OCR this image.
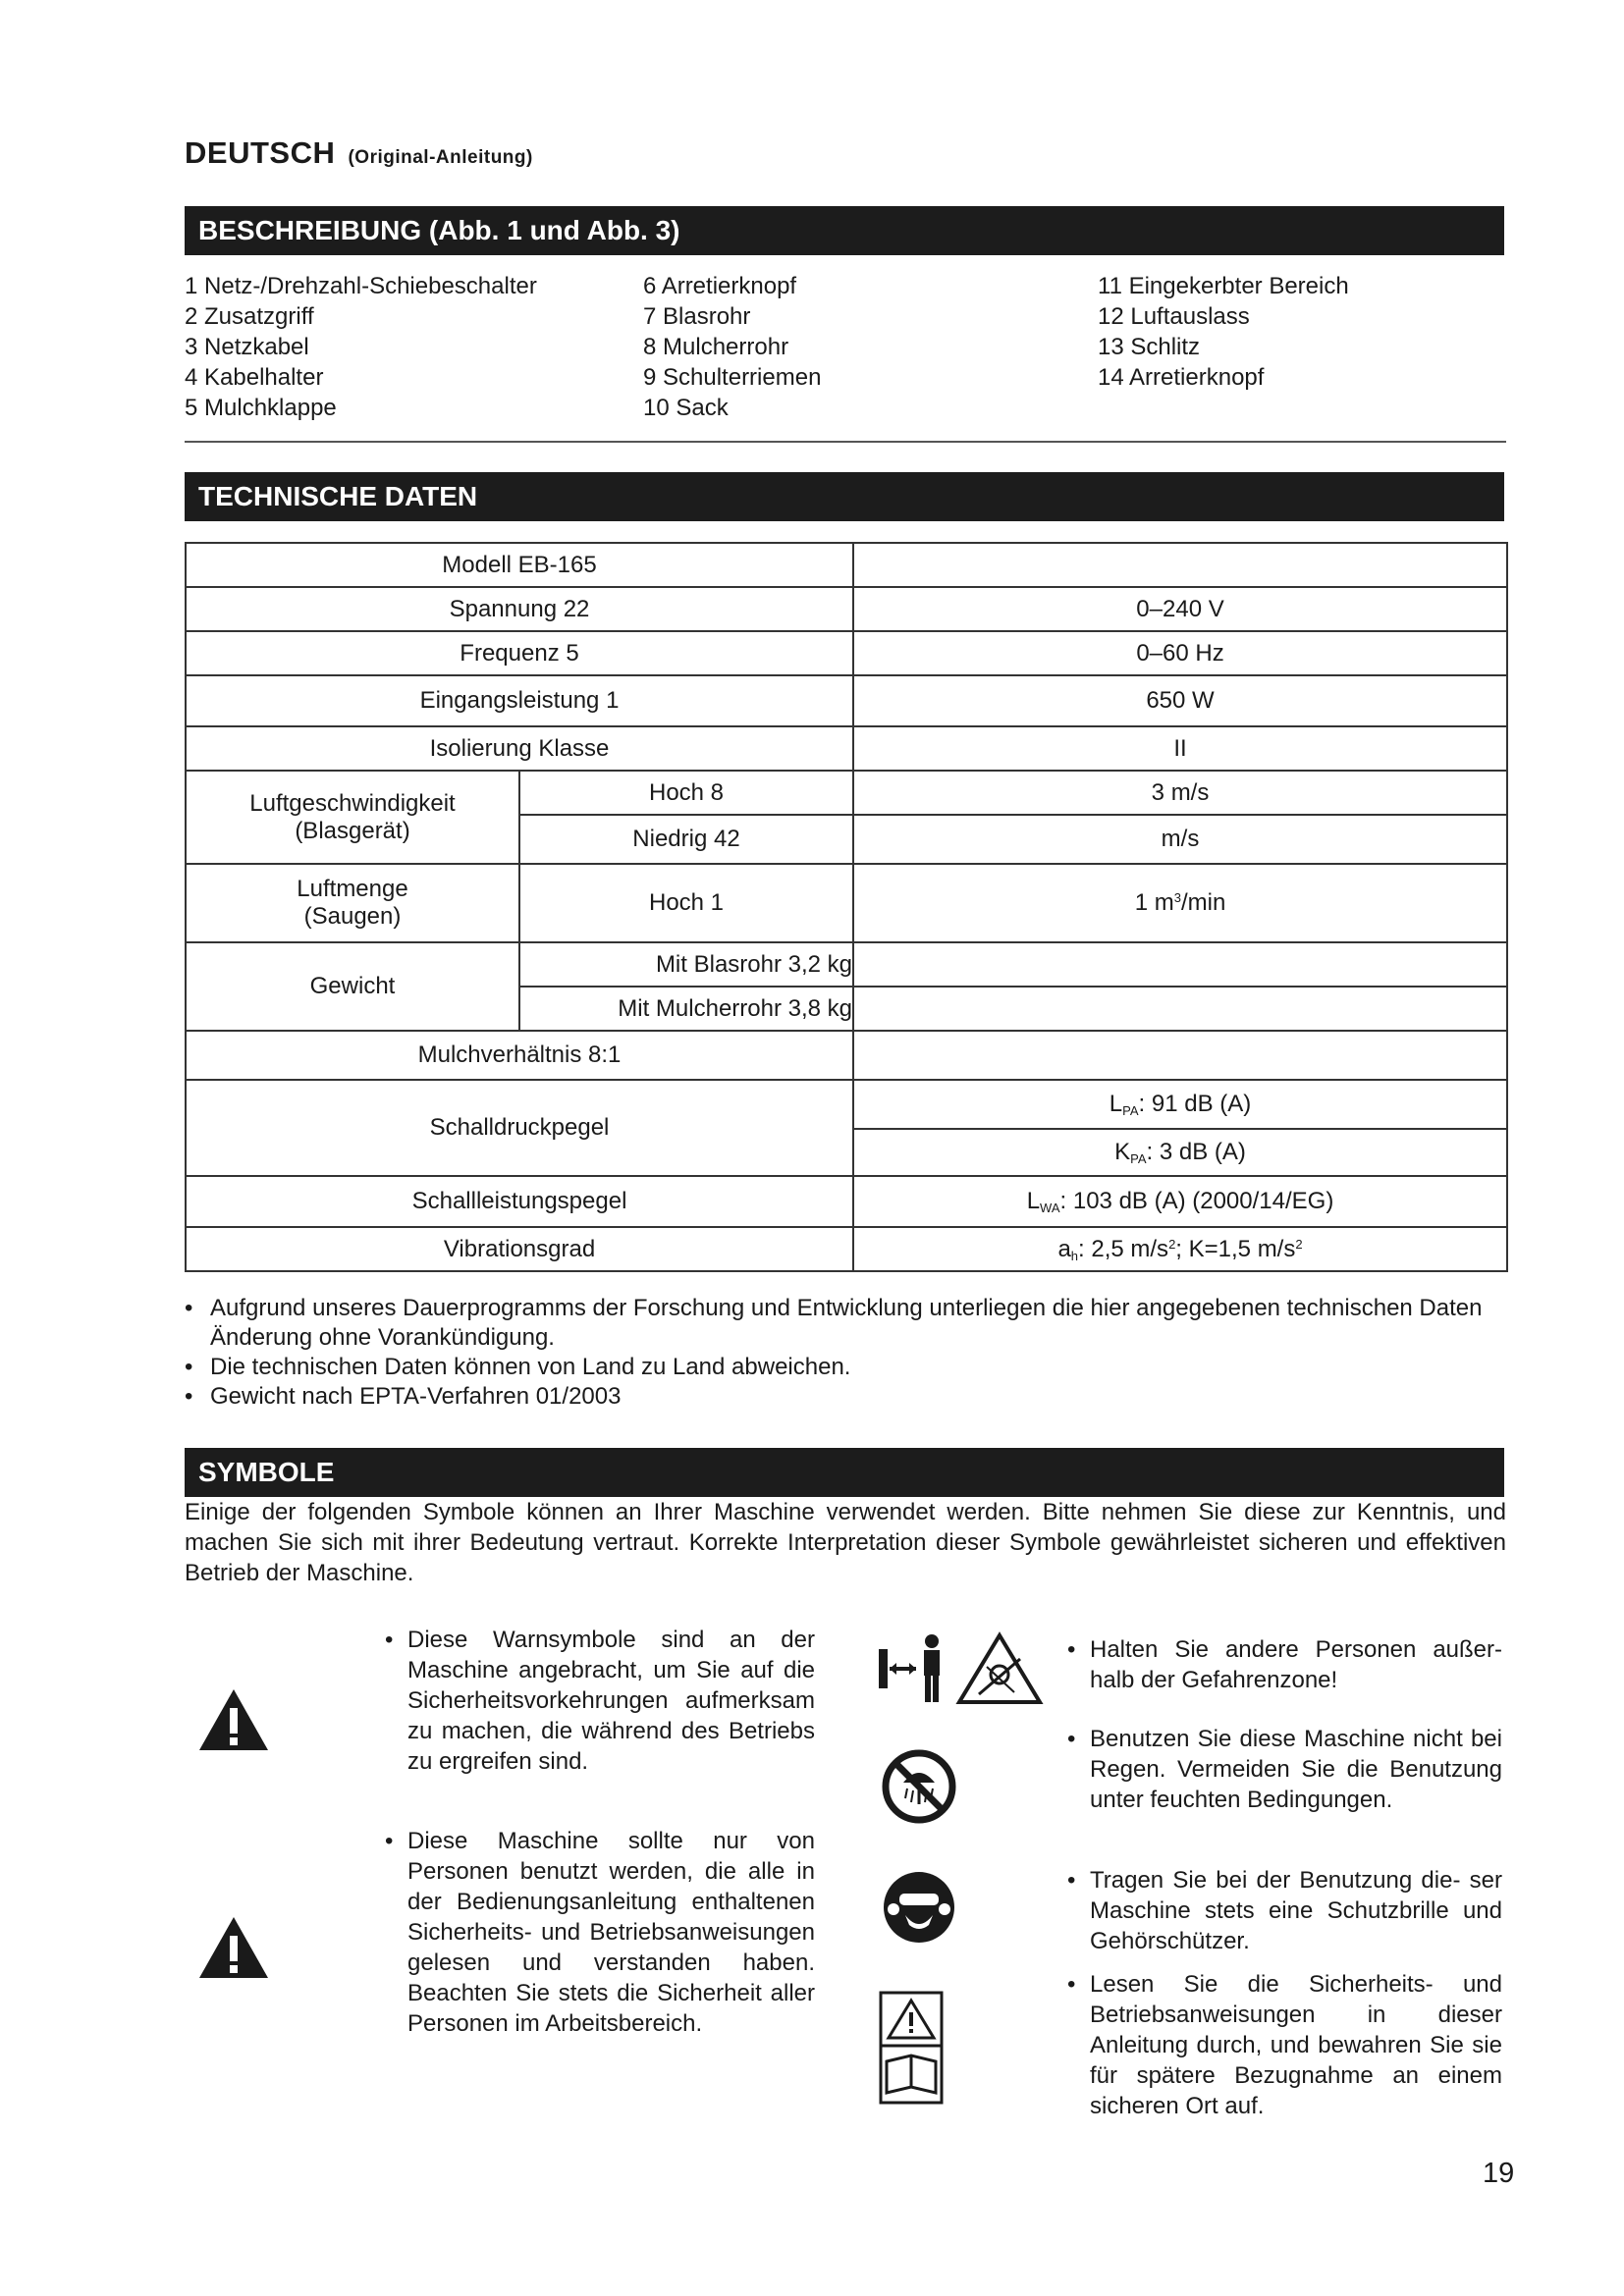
DEUTSCH (Original-Anleitung)
BESCHREIBUNG (Abb. 1 und Abb. 3)
1 Netz-/Drehzahl-Schiebeschalter
2 Zusatzgriff
3 Netzkabel
4 Kabelhalter
5 Mulchklappe
6 Arretierknopf
7 Blasrohr
8 Mulcherrohr
9 Schulterriemen
10 Sack
11 Eingekerbter Bereich
12 Luftauslass
13 Schlitz
14 Arretierknopf
TECHNISCHE DATEN
Modell EB-165		
Spannung 22		0–240 V
Frequenz 5		0–60 Hz
Eingangsleistung 1		650 W
Isolierung Klasse		II

Luftgeschwindigkeit
(Blasgerät)	Hoch 8	3 m/s
	Niedrig 42	m/s

Luftmenge
(Saugen)	Hoch 1	1 $m^3/\min$
Gewicht	Mit Blasrohr 3,2 kg	
	Mit Mulcherrohr 3,8 kg	
Mulchverhältnis 8:1		
Schalldruckpegel		$L_{PA}$: 91 dB (A)
		$K_{PA}$: 3 dB (A)
Schallleistungspegel		$L_{WA}$: 103 dB (A) (2000/14/EG)
Vibrationsgrad		$a_h$: 2,5 $m/s^2$; K=1,5 $m/s^2$
• Aufgrund unseres Dauerprogramms der Forschung und Entwicklung unterliegen die hier angegebenen technischen Daten Änderung ohne Vorankündigung.
• Die technischen Daten können von Land zu Land abweichen.
• Gewicht nach EPTA-Verfahren 01/2003
SYMBOLE
Einige der folgenden Symbole können an Ihrer Maschine verwendet werden. Bitte nehmen Sie diese zur Kenntnis, und machen Sie sich mit ihrer Bedeutung vertraut. Korrekte Interpretation dieser Symbole gewährleistet sicheren und effektiven Betrieb der Maschine.
• Diese Warnsymbole sind an der Maschine angebracht, um Sie auf die Sicherheitsvorkehrungen aufmerksam zu machen, die während des Betriebs zu ergreifen sind.
• Diese Maschine sollte nur von Personen benutzt werden, die alle in der Bedienungsanleitung enthaltenen Sicherheits- und Betriebsanweisungen gelesen und verstanden haben. Beachten Sie stets die Sicherheit aller Personen im Arbeitsbereich.
• Halten Sie andere Personen außer- halb der Gefahrenzone!
• Benutzen Sie diese Maschine nicht bei Regen. Vermeiden Sie die Benutzung unter feuchten Bedingungen.
• Tragen Sie bei der Benutzung die- ser Maschine stets eine Schutzbrille und Gehörschützer.
• Lesen Sie die Sicherheits- und Betriebsanweisungen in dieser Anleitung durch, und bewahren Sie sie für spätere Bezugnahme an einem sicheren Ort auf.
19
